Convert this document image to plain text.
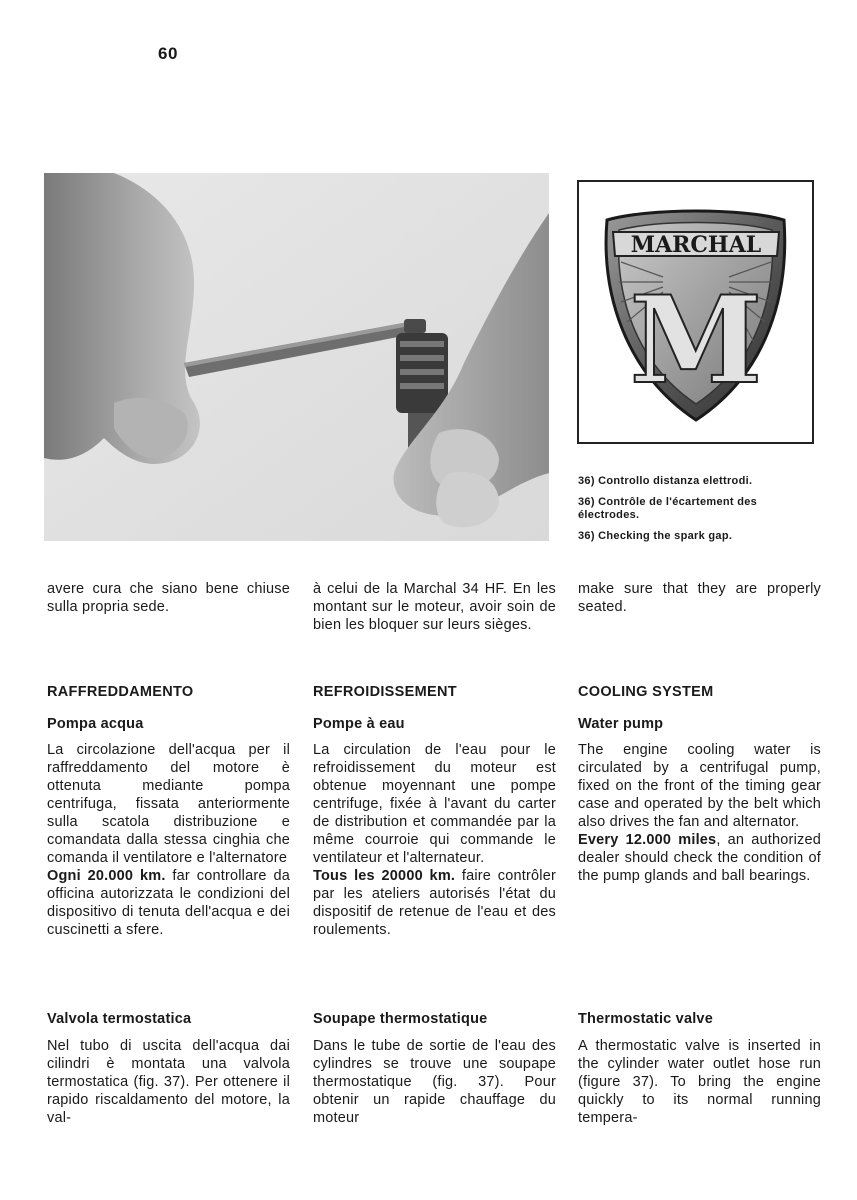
60
MARCHAL
M
36) Controllo distanza elettrodi.
36) Contrôle de l'écartement des électrodes.
36) Checking the spark gap.

avere cura che siano bene chiuse sulla propria sede.

à celui de la Marchal 34 HF. En les montant sur le moteur, avoir soin de bien les bloquer sur leurs sièges.

make sure that they are properly seated.

RAFFREDDAMENTO	REFROIDISSEMENT	COOLING SYSTEM
Pompa acqua	Pompe à eau	Water pump

La circolazione dell'acqua per il raffreddamento del motore è ottenuta mediante pompa centrifuga, fissata anteriormente sulla scatola distribuzione e comandata dalla stessa cinghia che comanda il ventilatore e l'alternatore

Ogni 20.000 km. far controllare da officina autorizzata le condizioni del dispositivo di tenuta dell'acqua e dei cuscinetti a sfere.

La circulation de l'eau pour le refroidissement du moteur est obtenue moyennant une pompe centrifuge, fixée à l'avant du carter de distribution et commandée par la même courroie qui commande le ventilateur et l'alternateur.

Tous les 20000 km. faire contrôler par les ateliers autorisés l'état du dispositif de retenue de l'eau et des roulements.

The engine cooling water is circulated by a centrifugal pump, fixed on the front of the timing gear case and operated by the belt which also drives the fan and alternator.

Every 12.000 miles, an authorized dealer should check the condition of the pump glands and ball bearings.

Valvola termostatica	Soupape thermostatique	Thermostatic valve

Nel tubo di uscita dell'acqua dai cilindri è montata una valvola termostatica (fig. 37). Per ottenere il rapido riscaldamento del motore, la val-

Dans le tube de sortie de l'eau des cylindres se trouve une soupape thermostatique (fig. 37). Pour obtenir un rapide chauffage du moteur

A thermostatic valve is inserted in the cylinder water outlet hose run (figure 37). To bring the engine quickly to its normal running tempera-
